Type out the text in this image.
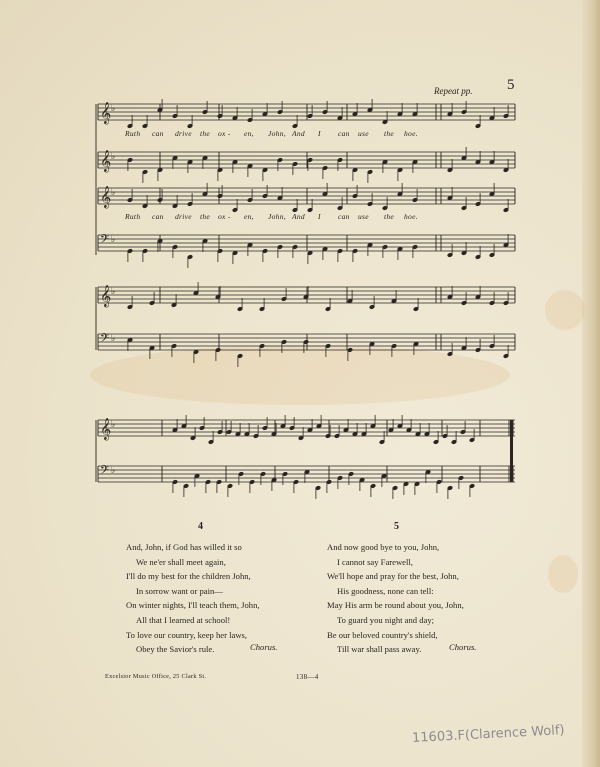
5
Repeat pp.
𝄞 ♭
𝄞 ♭
𝄞 ♭
𝄢 ♭
𝄞 ♭
𝄢 ♭
𝄞 ♭
𝄢 ♭
Ruth can drive the ox - en, John, And I can use the hoe.
Ruth can drive the ox - en, John, And I can use the hoe.
4
And, John, if God has willed it so
We ne'er shall meet again,
I'll do my best for the children John,
In sorrow want or pain—
On winter nights, I'll teach them, John,
All that I learned at school!
To love our country, keep her laws,
Obey the Savior's rule.	Chorus.
5
And now good bye to you, John,
I cannot say Farewell,
We'll hope and pray for the best, John,
His goodness, none can tell:
May His arm be round about you, John,
To guard you night and day;
Be our beloved country's shield,
Till war shall pass away.	Chorus.
Excelsior Music Office, 25 Clark St.	138—4
11603.F(Clarence Wolf)
